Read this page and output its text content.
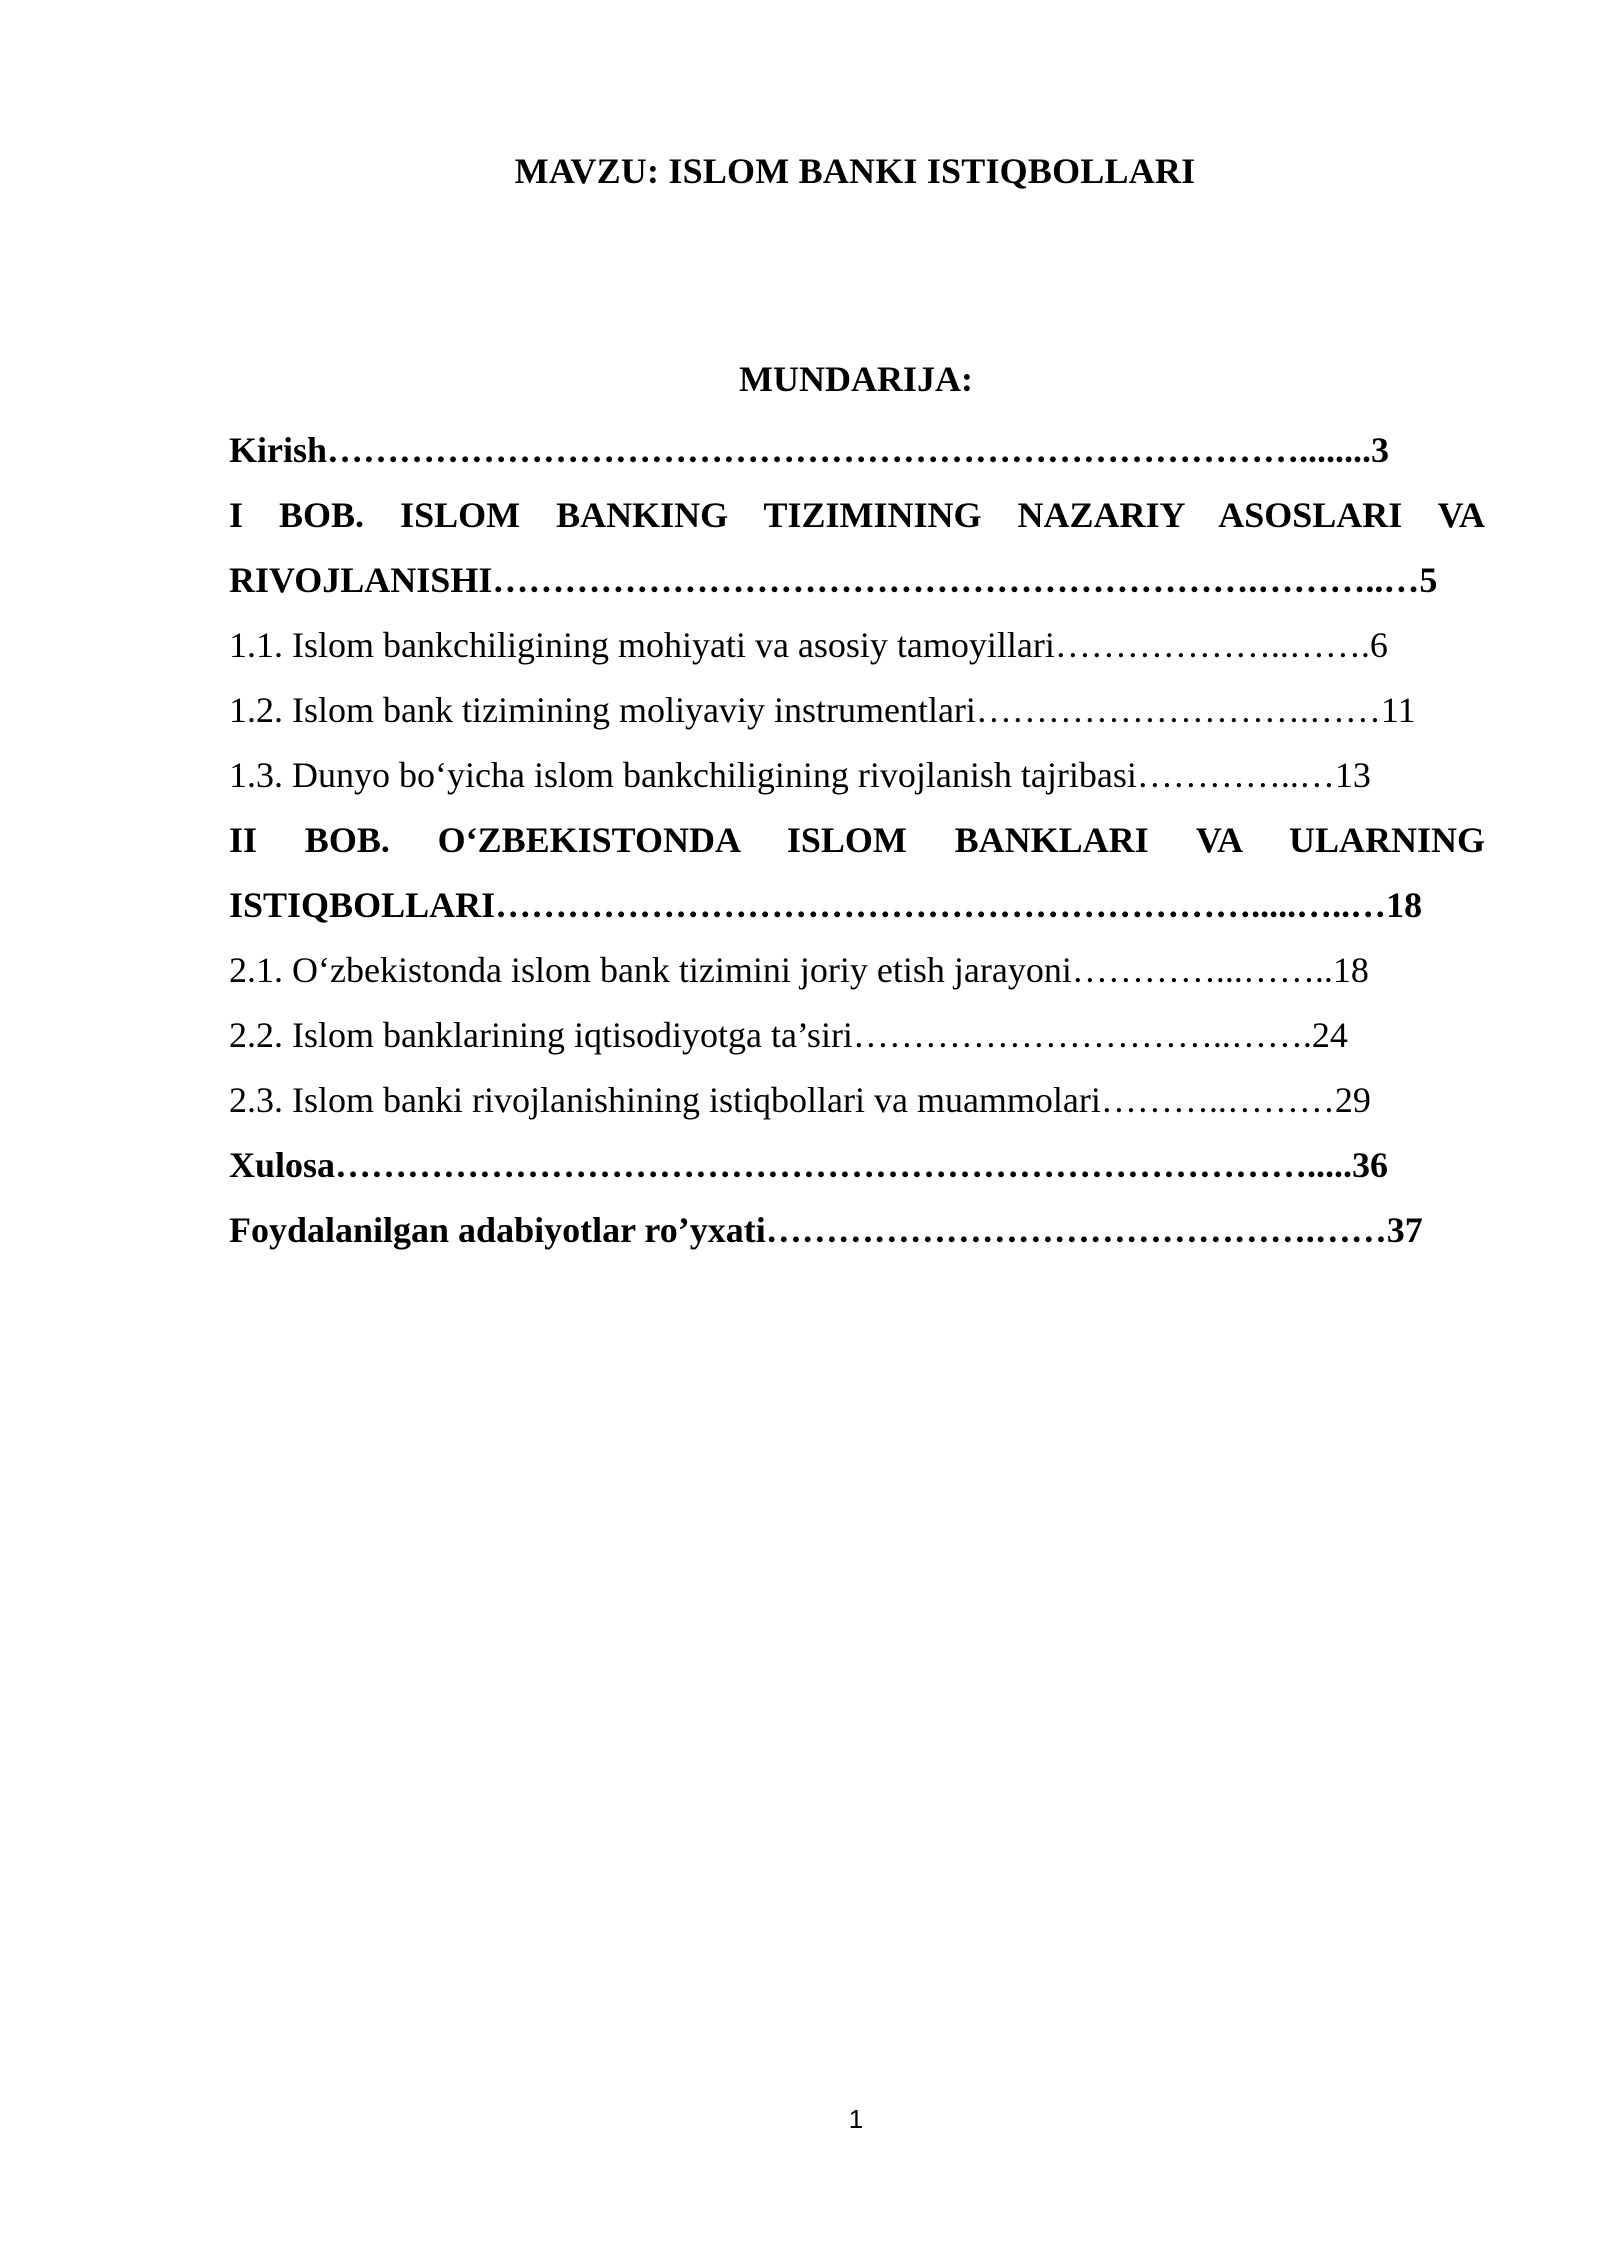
MAVZU: ISLOM BANKI ISTIQBOLLARI
MUNDARIJA:
Kirish………………………………………………………………………........3
I BOB. ISLOM BANKING TIZIMINING NAZARIY ASOSLARI VA
RIVOJLANISHI……………………………………………………….………..…5
1.1. Islom bankchiligining mohiyati va asosiy tamoyillari………………..…….6
1.2. Islom bank tizimining moliyaviy instrumentlari……………………….……11
1.3. Dunyo bo‘yicha islom bankchiligining rivojlanish tajribasi…………..…13
II BOB. O‘ZBEKISTONDA ISLOM BANKLARI VA ULARNING
ISTIQBOLLARI……………………………………………………….....…..…18
2.1. O‘zbekistonda islom bank tizimini joriy etish jarayoni…………...……..18
2.2. Islom banklarining iqtisodiyotga ta’siri…………………………..…….24
2.3. Islom banki rivojlanishining istiqbollari va muammolari………..………29
Xulosa……………………………………………………………………….....36
Foydalanilgan adabiyotlar ro’yxati……………………………………….……37
1
